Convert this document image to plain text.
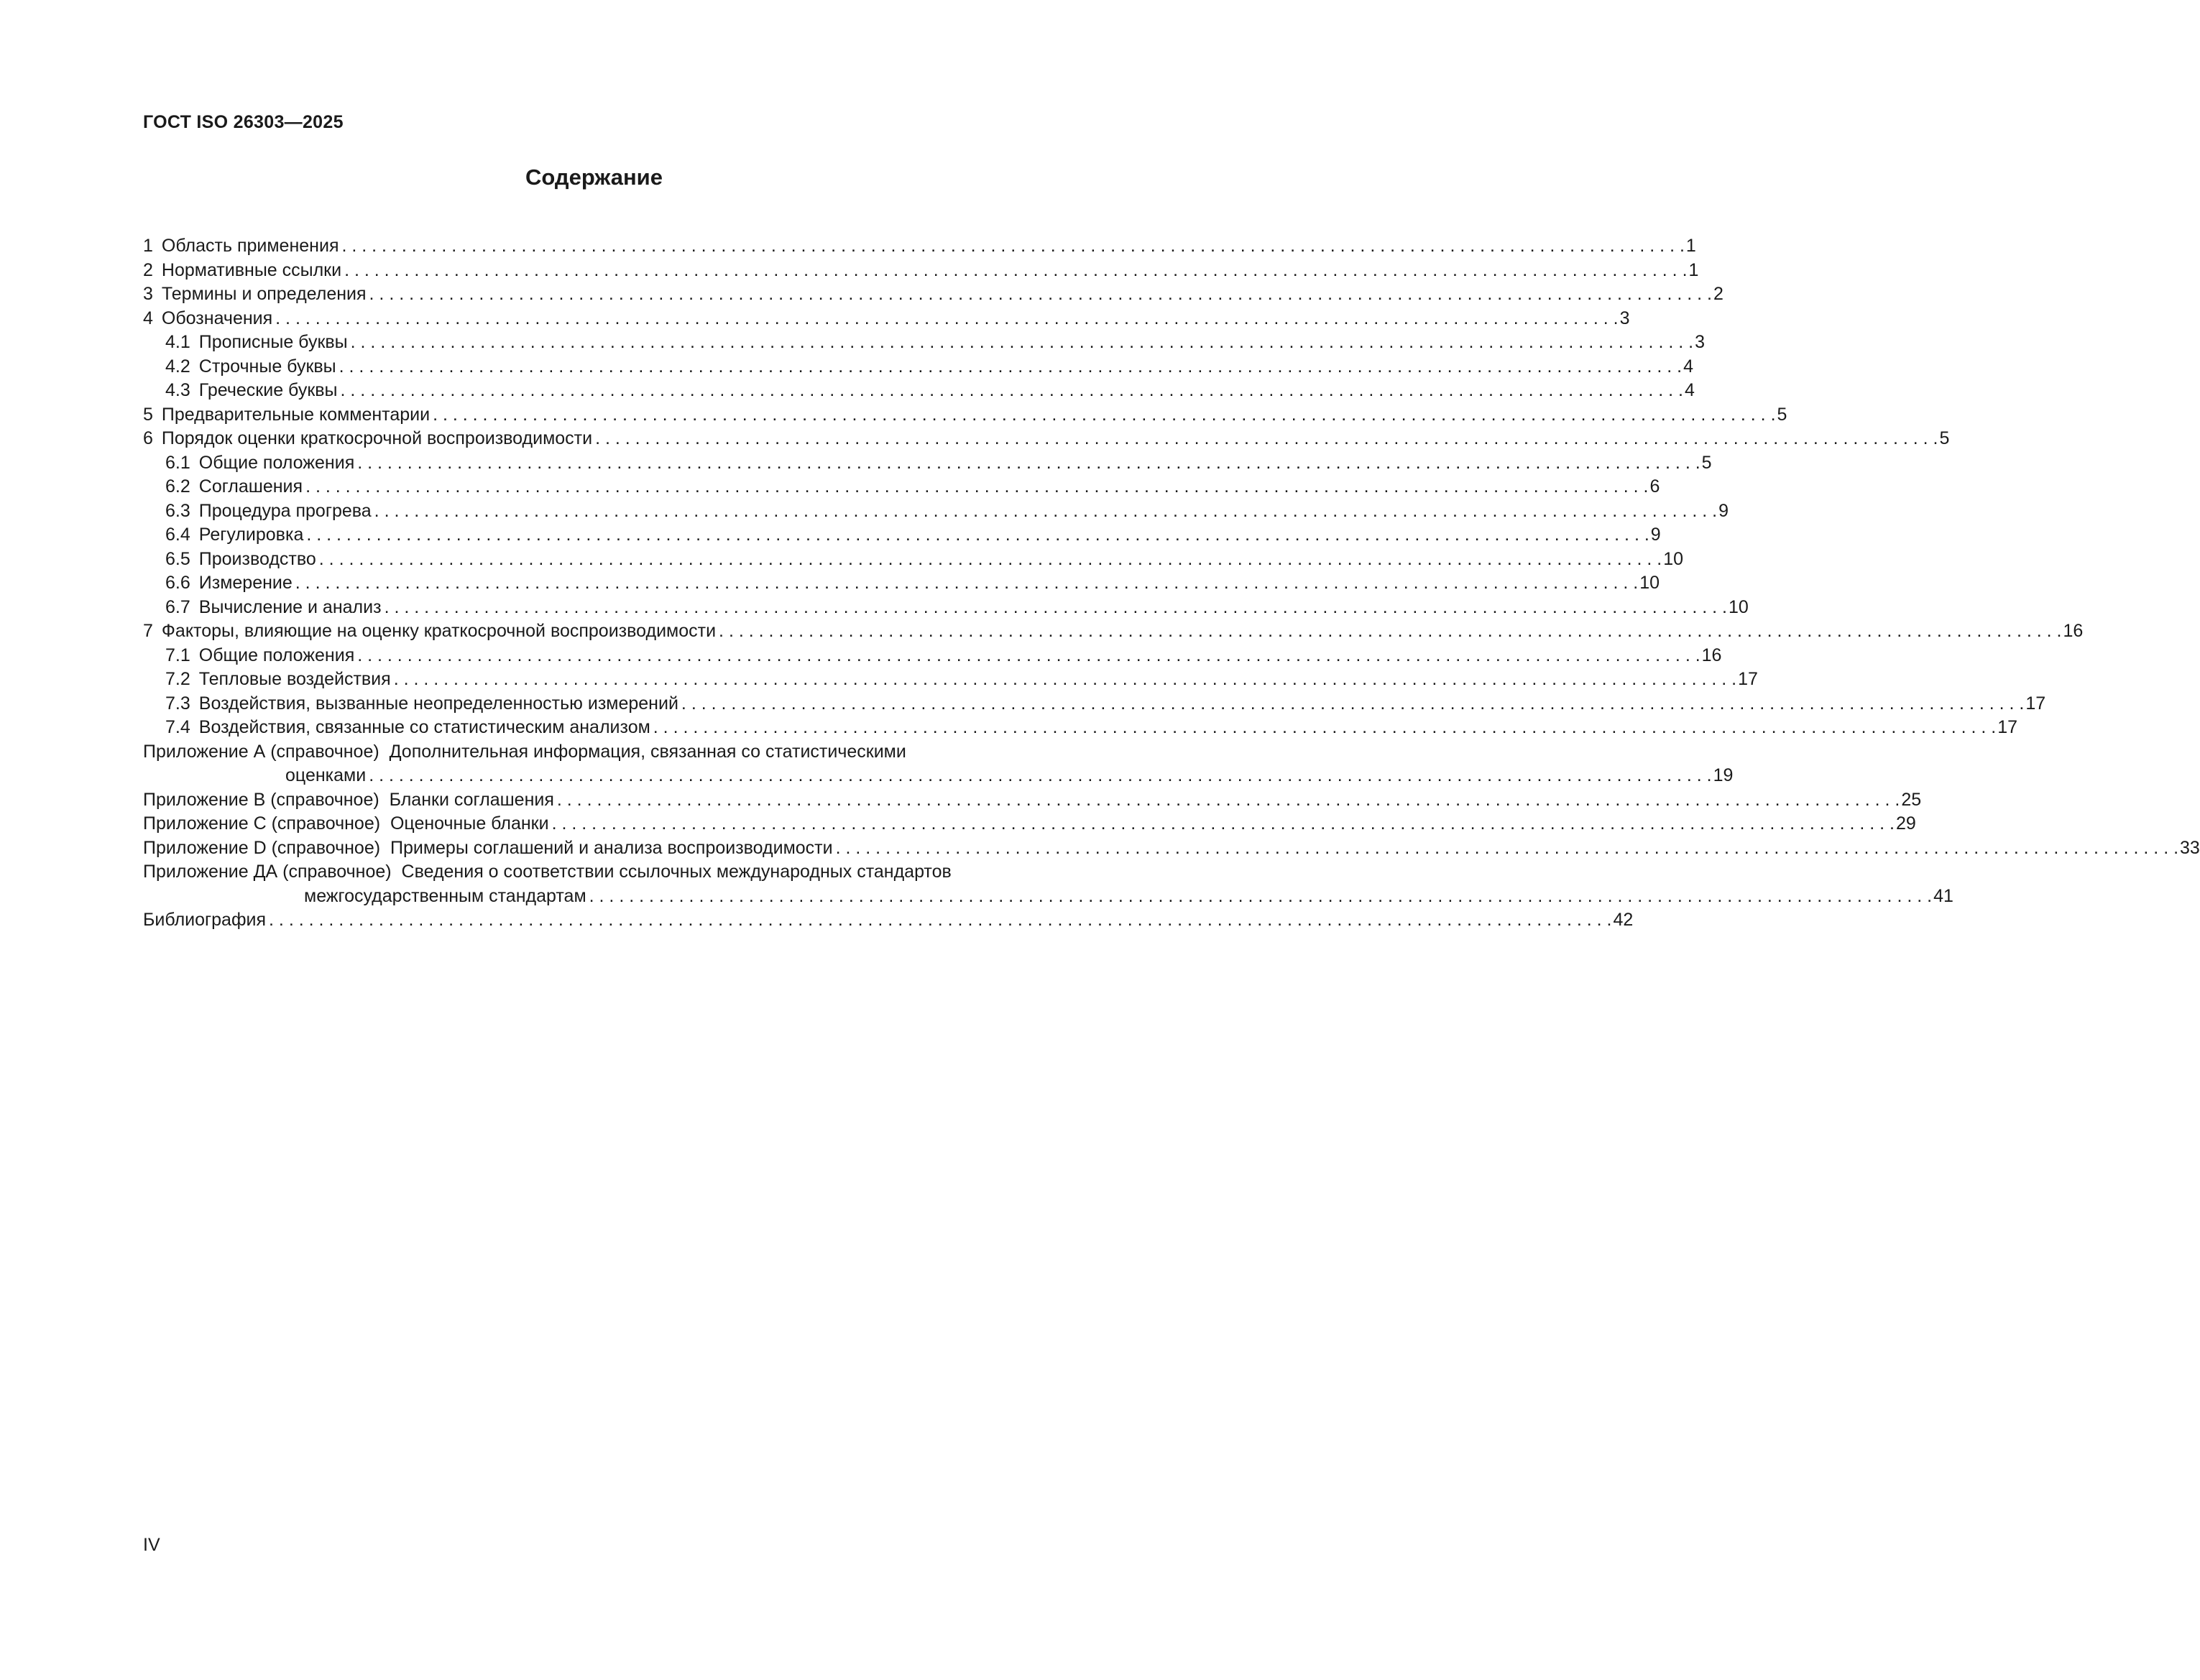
ГОСТ ISO 26303—2025
Содержание
1 Область применения . . .	1
2 Нормативные ссылки . . .	1
3 Термины и определения . . .	2
4 Обозначения . . .	3
4.1 Прописные буквы . . .	3
4.2 Строчные буквы . . .	4
4.3 Греческие буквы . . .	4
5 Предварительные комментарии . . .	5
6 Порядок оценки краткосрочной воспроизводимости . . .	5
6.1 Общие положения . . .	5
6.2 Соглашения . . .	6
6.3 Процедура прогрева . . .	9
6.4 Регулировка . . .	9
6.5 Производство . . .	10
6.6 Измерение . . .	10
6.7 Вычисление и анализ . . .	10
7 Факторы, влияющие на оценку краткосрочной воспроизводимости . . .	16
7.1 Общие положения . . .	16
7.2 Тепловые воздействия . . .	17
7.3 Воздействия, вызванные неопределенностью измерений . . .	17
7.4 Воздействия, связанные со статистическим анализом . . .	17
Приложение А (справочное) Дополнительная информация, связанная со статистическими
оценками . . .	19
Приложение В (справочное) Бланки соглашения . . .	25
Приложение С (справочное) Оценочные бланки . . .	29
Приложение D (справочное) Примеры соглашений и анализа воспроизводимости . . .	33
Приложение ДА (справочное) Сведения о соответствии ссылочных международных стандартов
межгосударственным стандартам . . .	41
Библиография . . .	42
IV
